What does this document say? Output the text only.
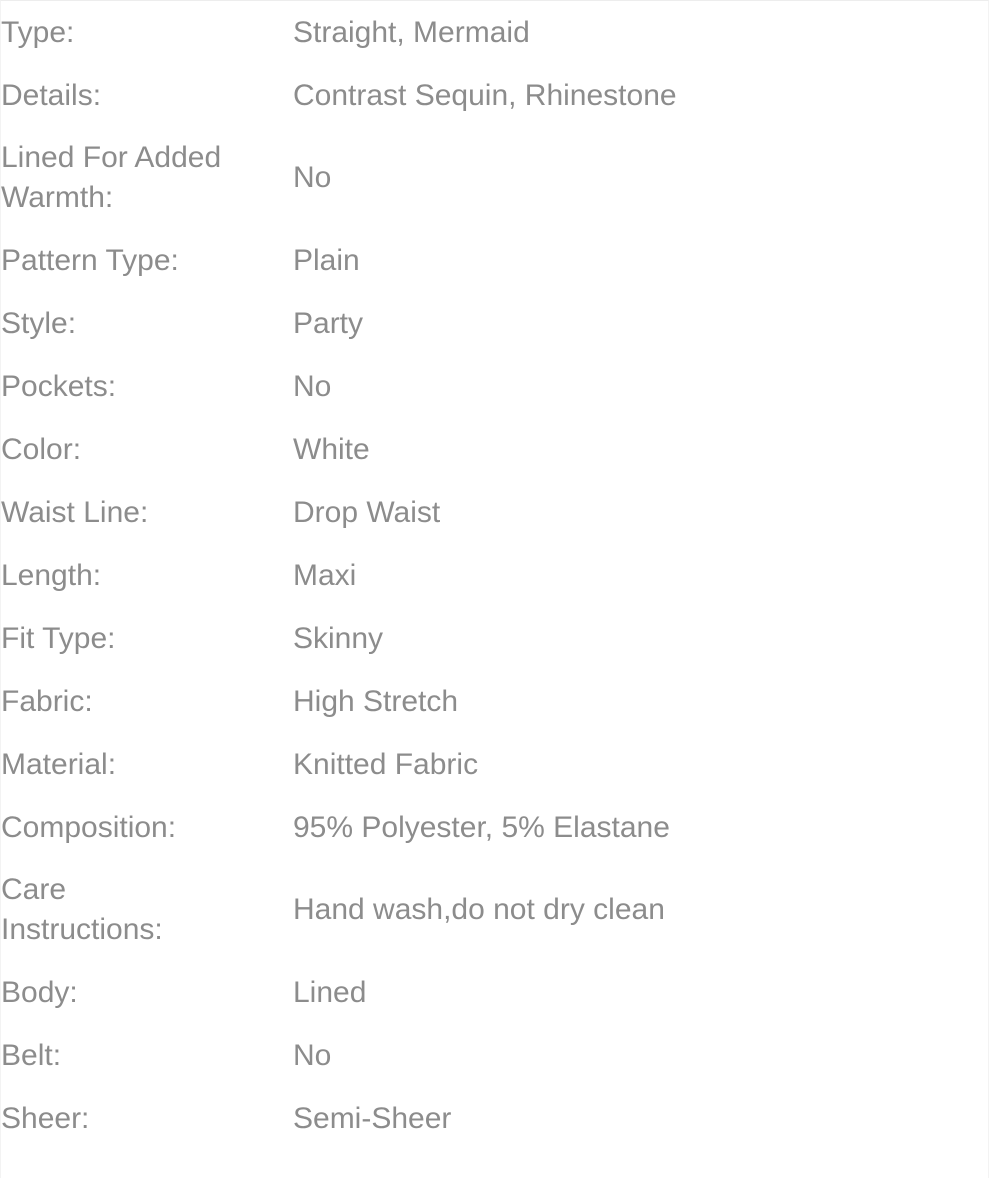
Type:	Straight, Mermaid

Details:	Contrast Sequin, Rhinestone

Lined For Added
Warmth:	No

Pattern Type:	Plain

Style:	Party

Pockets:	No

Color:	White

Waist Line:	Drop Waist

Length:	Maxi

Fit Type:	Skinny

Fabric:	High Stretch

Material:	Knitted Fabric

Composition:	95% Polyester, 5% Elastane

Care
Instructions:	Hand wash,do not dry clean

Body:	Lined

Belt:	No

Sheer:	Semi-Sheer
